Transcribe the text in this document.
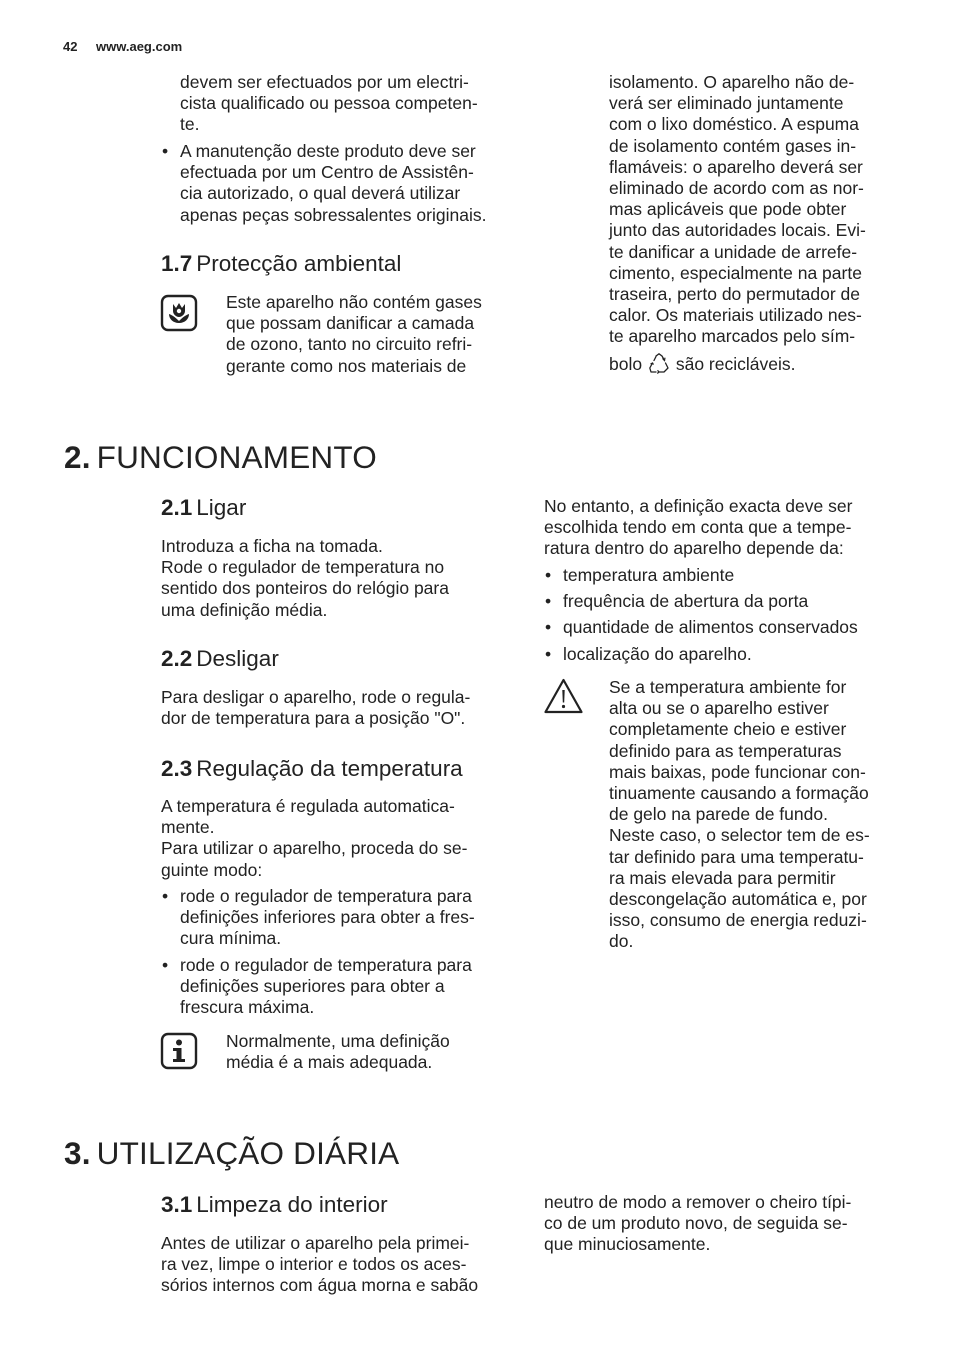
42 www.aeg.com

devem ser efectuados por um electri-

cista qualificado ou pessoa competen-

te.

• A manutenção deste produto deve ser

efectuada por um Centro de Assistên-

cia autorizado, o qual deverá utilizar

apenas peças sobressalentes originais.

1.7 Protecção ambiental

Este aparelho não contém gases

que possam danificar a camada

de ozono, tanto no circuito refri-

gerante como nos materiais de

isolamento. O aparelho não de-

verá ser eliminado juntamente

com o lixo doméstico. A espuma

de isolamento contém gases in-

flamáveis: o aparelho deverá ser

eliminado de acordo com as nor-

mas aplicáveis que pode obter

junto das autoridades locais. Evi-

te danificar a unidade de arrefe-

cimento, especialmente na parte

traseira, perto do permutador de

calor. Os materiais utilizado nes-

te aparelho marcados pelo sím-

bolo são recicláveis.

2. FUNCIONAMENTO
2.1 Ligar

Introduza a ficha na tomada.

Rode o regulador de temperatura no

sentido dos ponteiros do relógio para

uma definição média.

2.2 Desligar

Para desligar o aparelho, rode o regula-

dor de temperatura para a posição "O".

2.3 Regulação da temperatura

A temperatura é regulada automatica-

mente.

Para utilizar o aparelho, proceda do se-

guinte modo:

• rode o regulador de temperatura para

definições inferiores para obter a fres-

cura mínima.

• rode o regulador de temperatura para

definições superiores para obter a

frescura máxima.

Normalmente, uma definição

média é a mais adequada.

No entanto, a definição exacta deve ser

escolhida tendo em conta que a tempe-

ratura dentro do aparelho depende da:

• temperatura ambiente
• frequência de abertura da porta
• quantidade de alimentos conservados
• localização do aparelho.

Se a temperatura ambiente for

alta ou se o aparelho estiver

completamente cheio e estiver

definido para as temperaturas

mais baixas, pode funcionar con-

tinuamente causando a formação

de gelo na parede de fundo.

Neste caso, o selector tem de es-

tar definido para uma temperatu-

ra mais elevada para permitir

descongelação automática e, por

isso, consumo de energia reduzi-

do.

3. UTILIZAÇÃO DIÁRIA
3.1 Limpeza do interior

Antes de utilizar o aparelho pela primei-

ra vez, limpe o interior e todos os aces-

sórios internos com água morna e sabão

neutro de modo a remover o cheiro típi-

co de um produto novo, de seguida se-

que minuciosamente.
